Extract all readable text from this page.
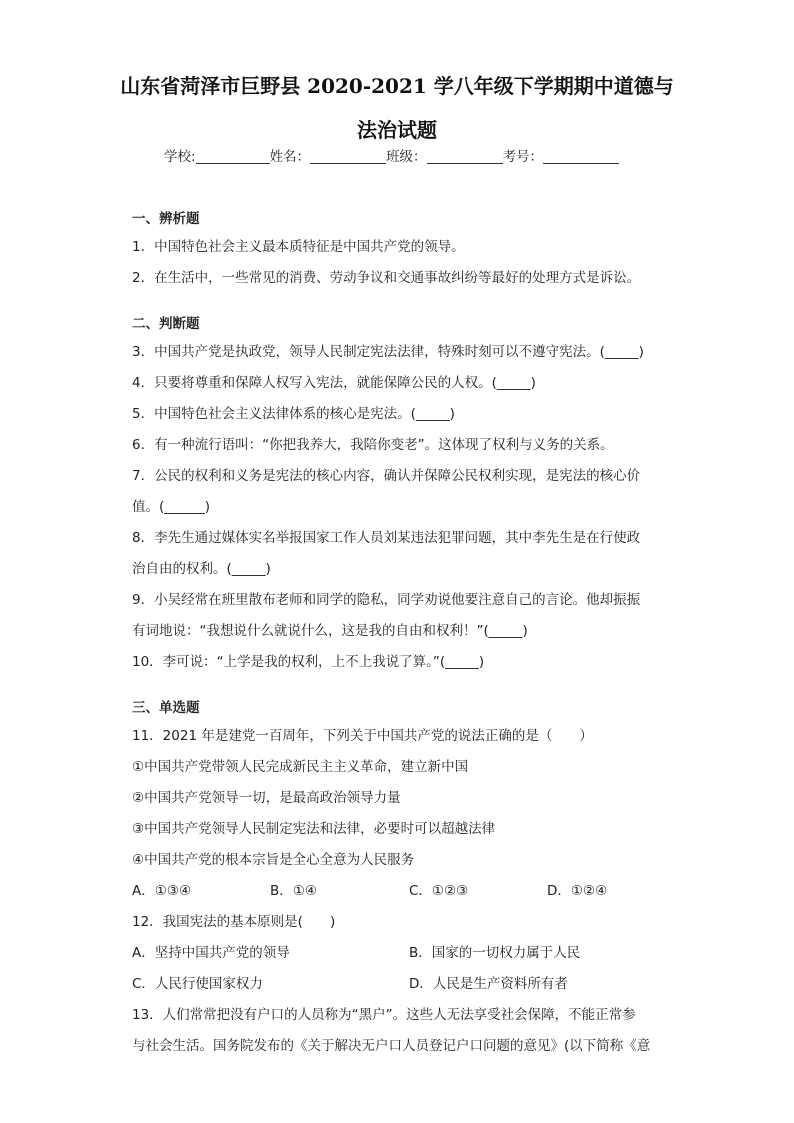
山东省菏泽市巨野县 2020-2021 学八年级下学期期中道德与
法治试题
学校:	姓名：	班级：	考号：
一、辨析题
1．中国特色社会主义最本质特征是中国共产党的领导。
2．在生活中，一些常见的消费、劳动争议和交通事故纠纷等最好的处理方式是诉讼。
二、判断题
3．中国共产党是执政党，领导人民制定宪法法律，特殊时刻可以不遵守宪法。(_____)
4．只要将尊重和保障人权写入宪法，就能保障公民的人权。(_____)
5．中国特色社会主义法律体系的核心是宪法。(_____)
6．有一种流行语叫：“你把我养大，我陪你变老”。这体现了权利与义务的关系。
7．公民的权利和义务是宪法的核心内容，确认并保障公民权利实现，是宪法的核心价
值。(______)
8．李先生通过媒体实名举报国家工作人员刘某违法犯罪问题，其中李先生是在行使政
治自由的权利。(_____)
9．小吴经常在班里散布老师和同学的隐私，同学劝说他要注意自己的言论。他却振振
有词地说：“我想说什么就说什么，这是我的自由和权利！”(_____)
10．李可说：“上学是我的权利，上不上我说了算。”(_____)
三、单选题
11．2021 年是建党一百周年，下列关于中国共产党的说法正确的是（　　）
①中国共产党带领人民完成新民主主义革命，建立新中国
②中国共产党领导一切，是最高政治领导力量
③中国共产党领导人民制定宪法和法律，必要时可以超越法律
④中国共产党的根本宗旨是全心全意为人民服务
A．①③④	B．①④	C．①②③	D．①②④
12．我国宪法的基本原则是(　　)
A．坚持中国共产党的领导	B．国家的一切权力属于人民
C．人民行使国家权力	D．人民是生产资料所有者
13．人们常常把没有户口的人员称为“黑户”。这些人无法享受社会保障，不能正常参
与社会生活。国务院发布的《关于解决无户口人员登记户口问题的意见》(以下简称《意
